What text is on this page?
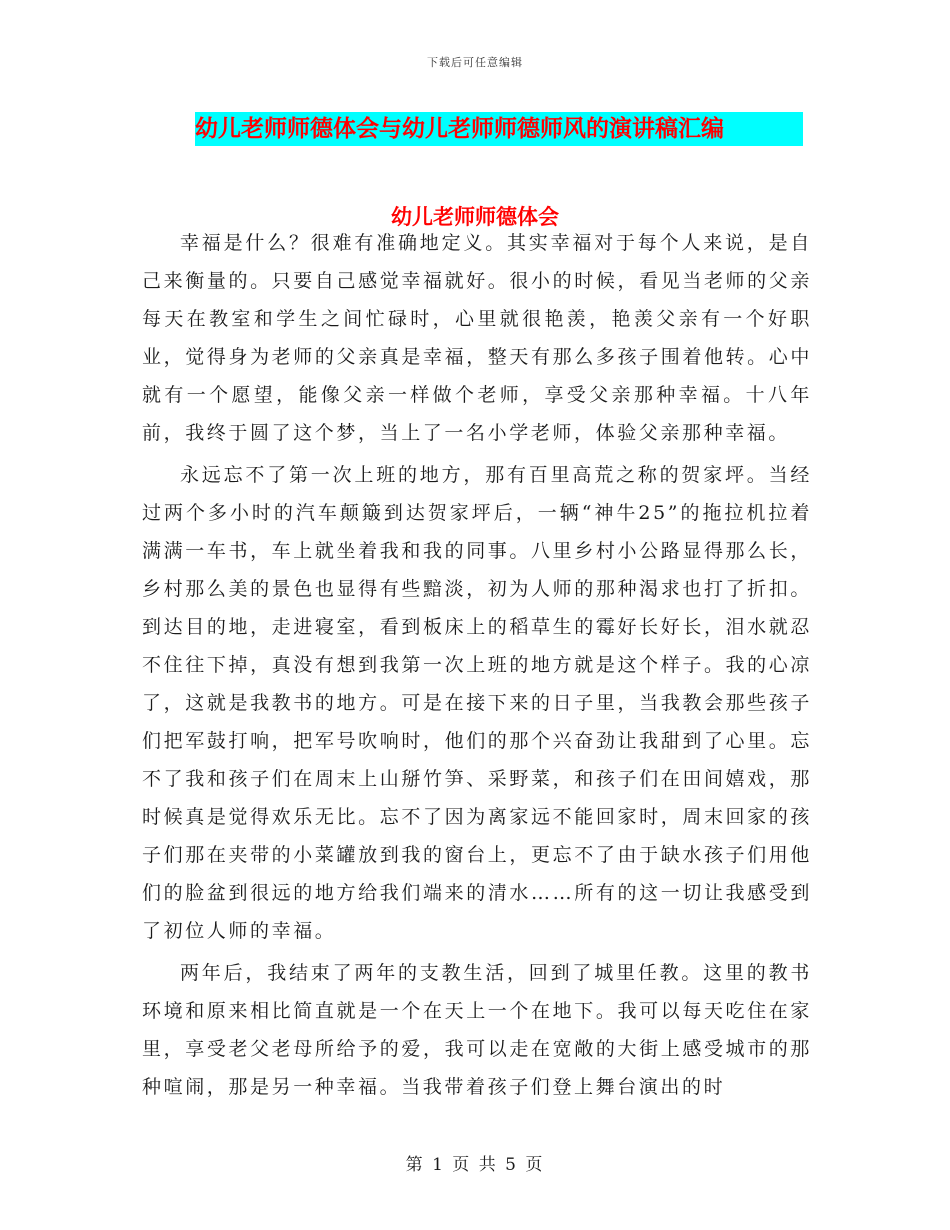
下载后可任意编辑
幼儿老师师德体会与幼儿老师师德师风的演讲稿汇编
幼儿老师师德体会

幸福是什么？很难有准确地定义。其实幸福对于每个人来说，是自己来衡量的。只要自己感觉幸福就好。很小的时候，看见当老师的父亲每天在教室和学生之间忙碌时，心里就很艳羡，艳羡父亲有一个好职业，觉得身为老师的父亲真是幸福，整天有那么多孩子围着他转。心中就有一个愿望，能像父亲一样做个老师，享受父亲那种幸福。十八年前，我终于圆了这个梦，当上了一名小学老师，体验父亲那种幸福。

永远忘不了第一次上班的地方，那有百里高荒之称的贺家坪。当经过两个多小时的汽车颠簸到达贺家坪后，一辆“神牛25”的拖拉机拉着满满一车书，车上就坐着我和我的同事。八里乡村小公路显得那么长，乡村那么美的景色也显得有些黯淡，初为人师的那种渴求也打了折扣。到达目的地，走进寝室，看到板床上的稻草生的霉好长好长，泪水就忍不住往下掉，真没有想到我第一次上班的地方就是这个样子。我的心凉了，这就是我教书的地方。可是在接下来的日子里，当我教会那些孩子们把军鼓打响，把军号吹响时，他们的那个兴奋劲让我甜到了心里。忘不了我和孩子们在周末上山掰竹笋、采野菜，和孩子们在田间嬉戏，那时候真是觉得欢乐无比。忘不了因为离家远不能回家时，周末回家的孩子们那在夹带的小菜罐放到我的窗台上，更忘不了由于缺水孩子们用他们的脸盆到很远的地方给我们端来的清水……所有的这一切让我感受到了初位人师的幸福。

两年后，我结束了两年的支教生活，回到了城里任教。这里的教书环境和原来相比简直就是一个在天上一个在地下。我可以每天吃住在家里，享受老父老母所给予的爱，我可以走在宽敞的大街上感受城市的那种喧闹，那是另一种幸福。当我带着孩子们登上舞台演出的时

第 1 页 共 5 页
